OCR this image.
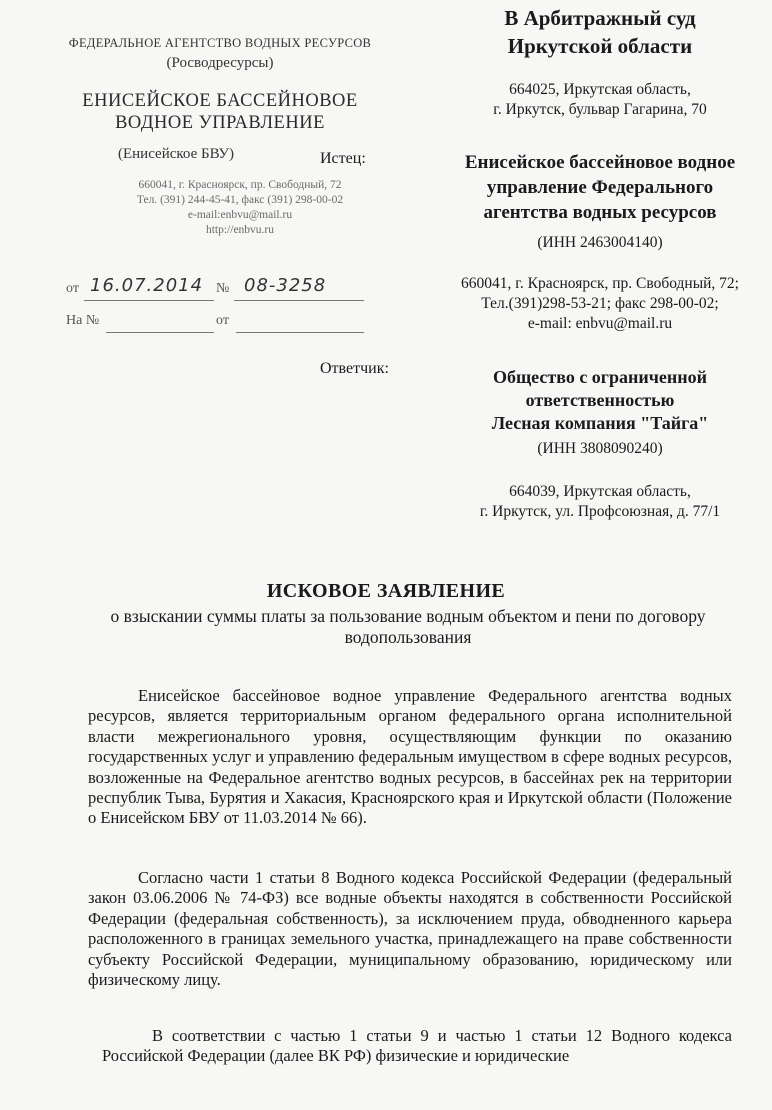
ФЕДЕРАЛЬНОЕ АГЕНТСТВО ВОДНЫХ РЕСУРСОВ
(Росводресурсы)
ЕНИСЕЙСКОЕ БАССЕЙНОВОЕ
ВОДНОЕ УПРАВЛЕНИЕ
(Енисейское БВУ)
660041, г. Красноярск, пр. Свободный, 72
Тел. (391) 244-45-41, факс (391) 298-00-02
e-mail:enbvu@mail.ru
http://enbvu.ru
от 16.07.2014 № 08-3258
На №	от
В Арбитражный суд
Иркутской области
664025, Иркутская область,
г. Иркутск, бульвар Гагарина, 70
Истец:	Енисейское бассейновое водное
управление Федерального
агентства водных ресурсов
(ИНН 2463004140)
660041, г. Красноярск, пр. Свободный, 72;
Тел.(391)298-53-21; факс 298-00-02;
e-mail: enbvu@mail.ru
Ответчик:	Общество с ограниченной
ответственностью
Лесная компания "Тайга"
(ИНН 3808090240)
664039, Иркутская область,
г. Иркутск, ул. Профсоюзная, д. 77/1
ИСКОВОЕ ЗАЯВЛЕНИЕ
о взыскании суммы платы за пользование водным объектом и пени по договору водопользования

Енисейское бассейновое водное управление Федерального агентства водных ресурсов, является территориальным органом федерального органа исполнительной власти межрегионального уровня, осуществляющим функции по оказанию государственных услуг и управлению федеральным имуществом в сфере водных ресурсов, возложенные на Федеральное агентство водных ресурсов, в бассейнах рек на территории республик Тыва, Бурятия и Хакасия, Красноярского края и Иркутской области (Положение о Енисейском БВУ от 11.03.2014 № 66).

Согласно части 1 статьи 8 Водного кодекса Российской Федерации (федеральный закон 03.06.2006 № 74-ФЗ) все водные объекты находятся в собственности Российской Федерации (федеральная собственность), за исключением пруда, обводненного карьера расположенного в границах земельного участка, принадлежащего на праве собственности субъекту Российской Федерации, муниципальному образованию, юридическому или физическому лицу.

В соответствии с частью 1 статьи 9 и частью 1 статьи 12 Водного кодекса Российской Федерации (далее ВК РФ) физические и юридические
